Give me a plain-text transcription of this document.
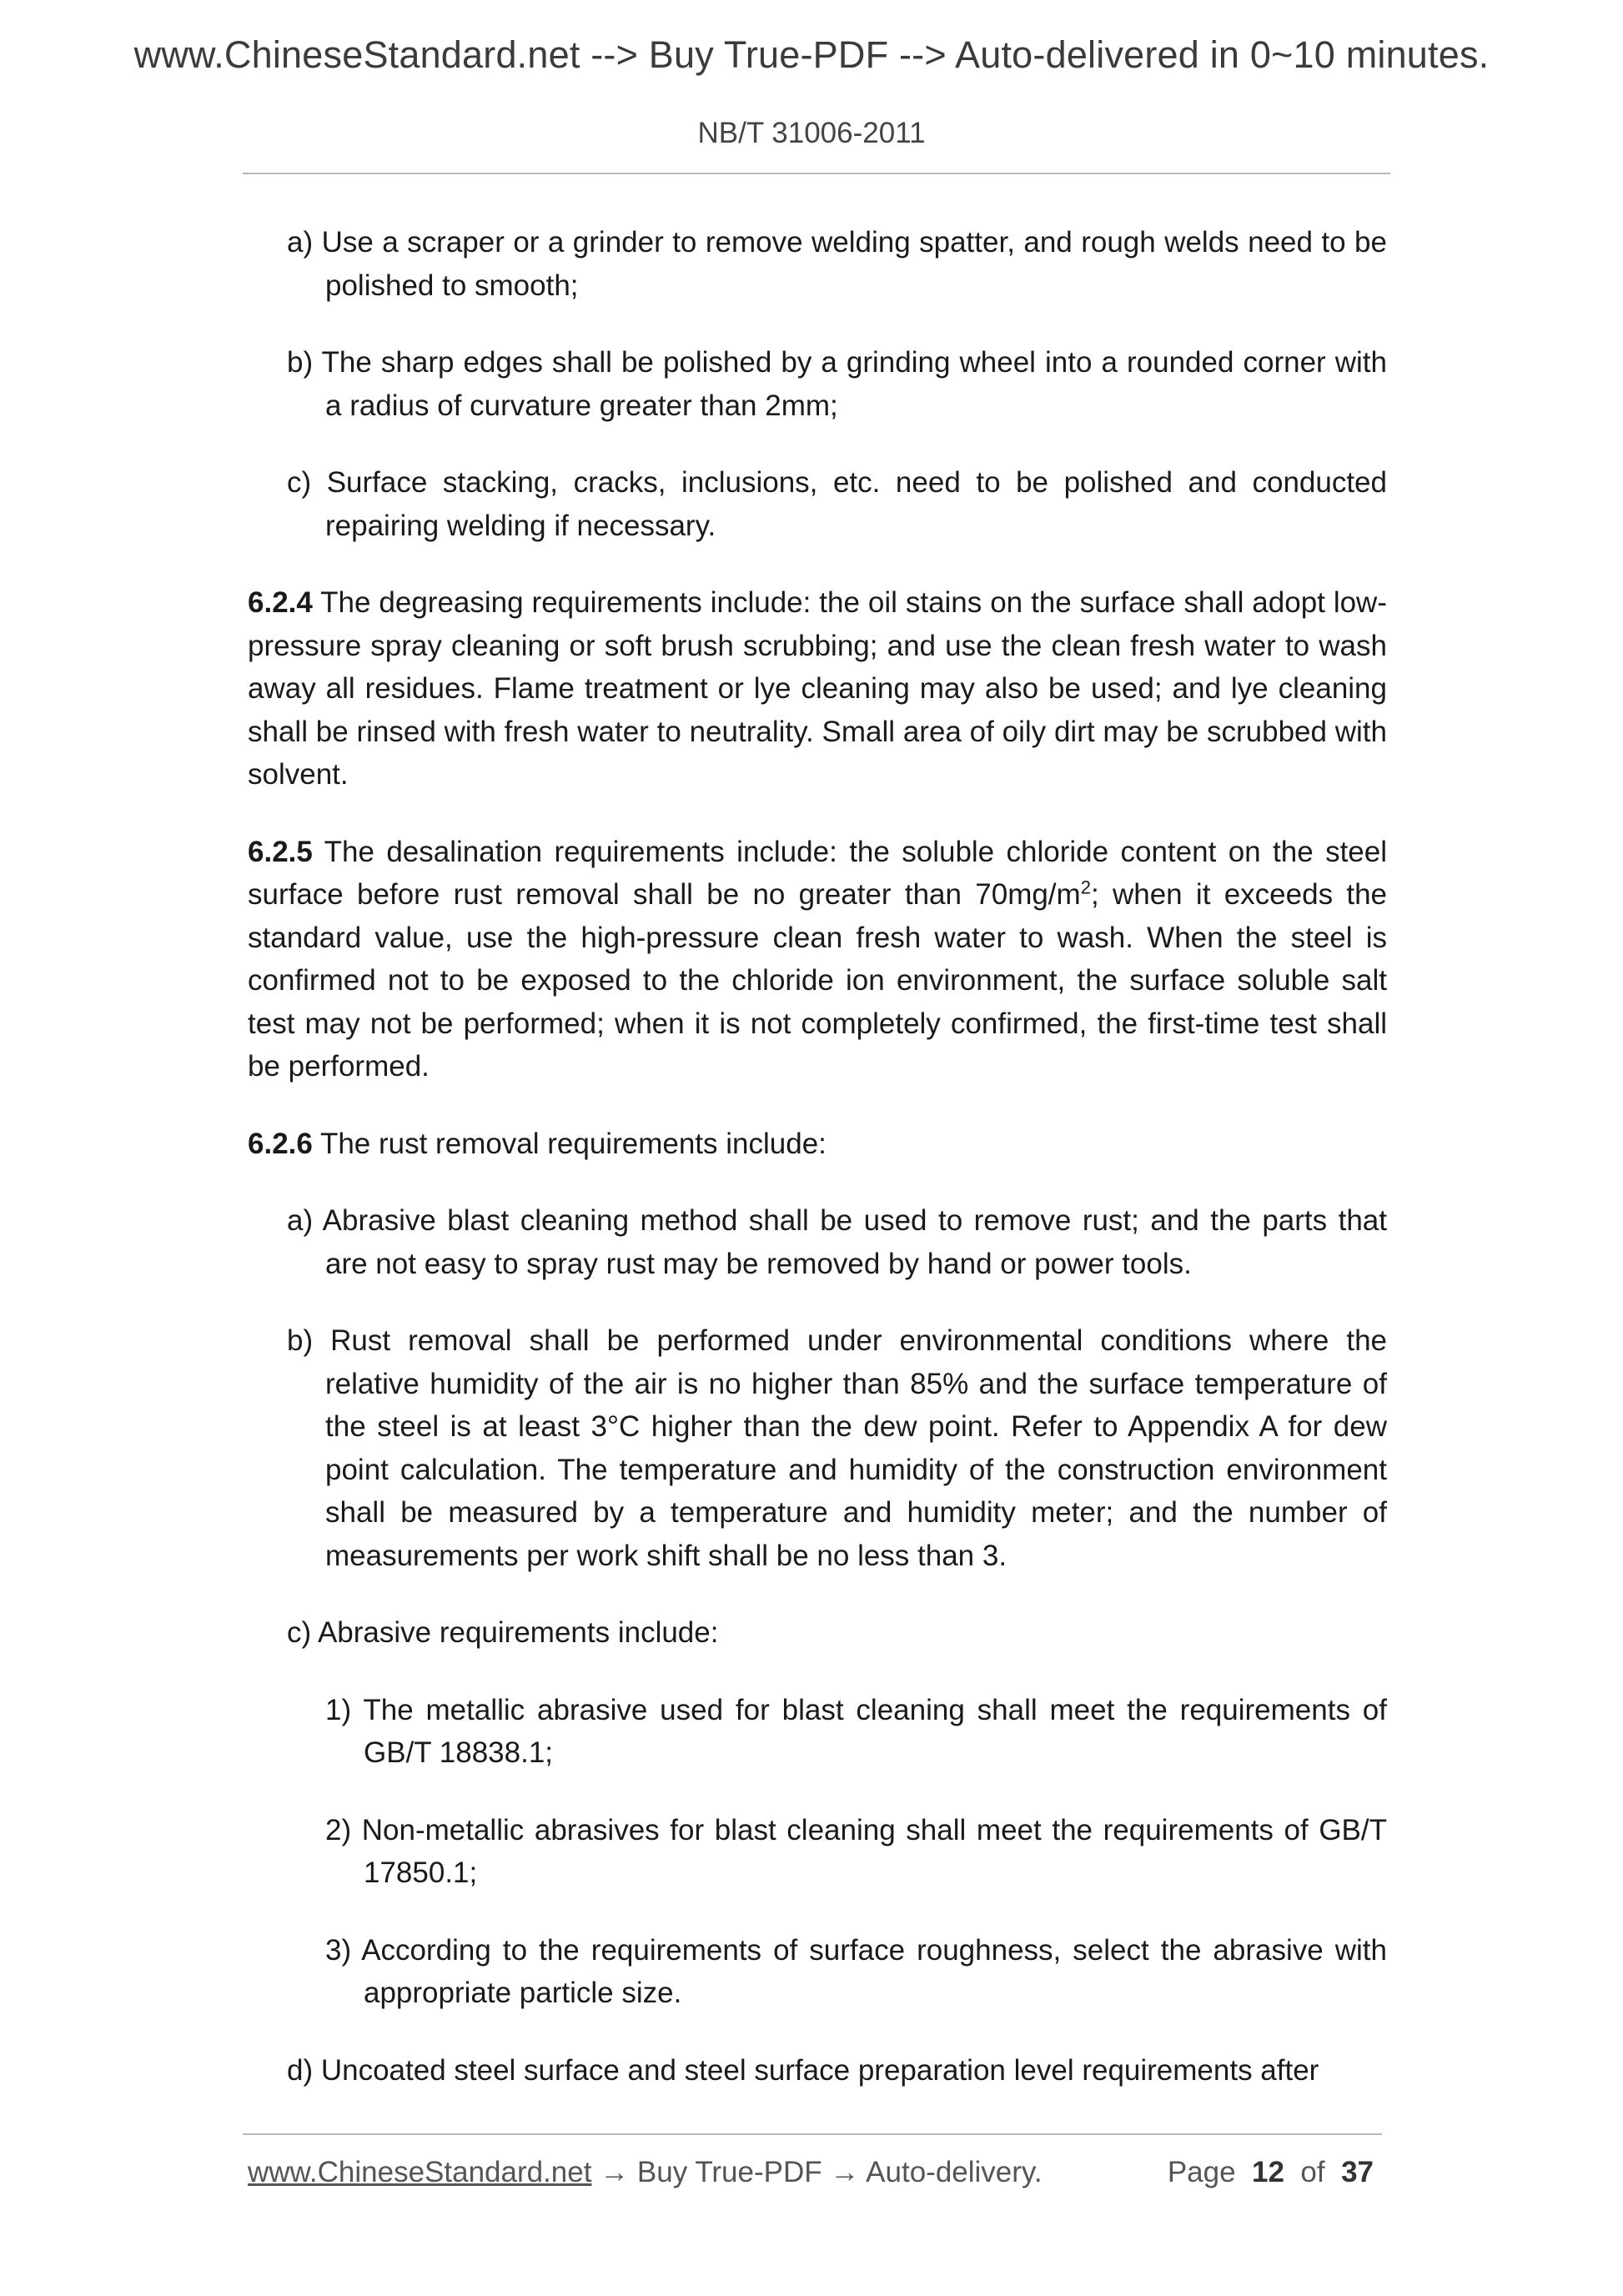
www.ChineseStandard.net --> Buy True-PDF --> Auto-delivered in 0~10 minutes.
NB/T 31006-2011

a) Use a scraper or a grinder to remove welding spatter, and rough welds need to be polished to smooth;

b) The sharp edges shall be polished by a grinding wheel into a rounded corner with a radius of curvature greater than 2mm;

c) Surface stacking, cracks, inclusions, etc. need to be polished and conducted repairing welding if necessary.

6.2.4 The degreasing requirements include: the oil stains on the surface shall adopt low-pressure spray cleaning or soft brush scrubbing; and use the clean fresh water to wash away all residues. Flame treatment or lye cleaning may also be used; and lye cleaning shall be rinsed with fresh water to neutrality. Small area of oily dirt may be scrubbed with solvent.

6.2.5 The desalination requirements include: the soluble chloride content on the steel surface before rust removal shall be no greater than $70mg/m^2$; when it exceeds the standard value, use the high-pressure clean fresh water to wash. When the steel is confirmed not to be exposed to the chloride ion environment, the surface soluble salt test may not be performed; when it is not completely confirmed, the first-time test shall be performed.

6.2.6 The rust removal requirements include:

a) Abrasive blast cleaning method shall be used to remove rust; and the parts that are not easy to spray rust may be removed by hand or power tools.

b) Rust removal shall be performed under environmental conditions where the relative humidity of the air is no higher than 85% and the surface temperature of the steel is at least 3°C higher than the dew point. Refer to Appendix A for dew point calculation. The temperature and humidity of the construction environment shall be measured by a temperature and humidity meter; and the number of measurements per work shift shall be no less than 3.

c) Abrasive requirements include:

1) The metallic abrasive used for blast cleaning shall meet the requirements of GB/T 18838.1;

2) Non-metallic abrasives for blast cleaning shall meet the requirements of GB/T 17850.1;

3) According to the requirements of surface roughness, select the abrasive with appropriate particle size.

d) Uncoated steel surface and steel surface preparation level requirements after

www.ChineseStandard.net → Buy True-PDF → Auto-delivery.	Page 12 of 37
